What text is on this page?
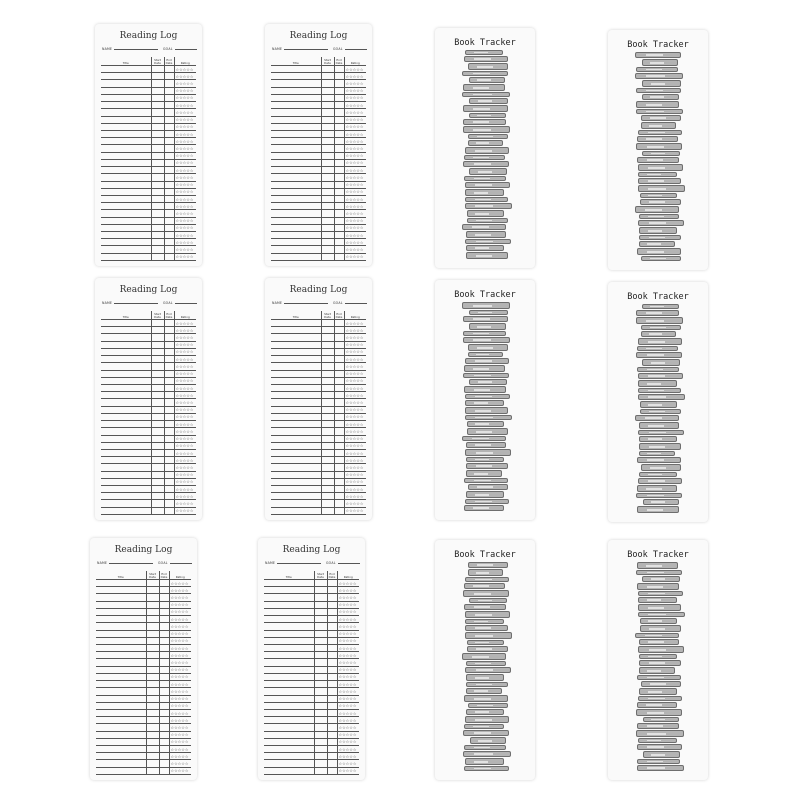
Reading Log
NAME	GOAL
Title	Start Date	End Date	Rating
			☆☆☆☆☆
			☆☆☆☆☆
			☆☆☆☆☆
			☆☆☆☆☆
			☆☆☆☆☆
			☆☆☆☆☆
			☆☆☆☆☆
			☆☆☆☆☆
			☆☆☆☆☆
			☆☆☆☆☆
			☆☆☆☆☆
			☆☆☆☆☆
			☆☆☆☆☆
			☆☆☆☆☆
			☆☆☆☆☆
			☆☆☆☆☆
			☆☆☆☆☆
			☆☆☆☆☆
			☆☆☆☆☆
			☆☆☆☆☆
			☆☆☆☆☆
			☆☆☆☆☆
			☆☆☆☆☆
			☆☆☆☆☆
			☆☆☆☆☆
			☆☆☆☆☆
			☆☆☆☆☆
Reading Log
NAME	GOAL
Title	Start Date	End Date	Rating
			☆☆☆☆☆
			☆☆☆☆☆
			☆☆☆☆☆
			☆☆☆☆☆
			☆☆☆☆☆
			☆☆☆☆☆
			☆☆☆☆☆
			☆☆☆☆☆
			☆☆☆☆☆
			☆☆☆☆☆
			☆☆☆☆☆
			☆☆☆☆☆
			☆☆☆☆☆
			☆☆☆☆☆
			☆☆☆☆☆
			☆☆☆☆☆
			☆☆☆☆☆
			☆☆☆☆☆
			☆☆☆☆☆
			☆☆☆☆☆
			☆☆☆☆☆
			☆☆☆☆☆
			☆☆☆☆☆
			☆☆☆☆☆
			☆☆☆☆☆
			☆☆☆☆☆
			☆☆☆☆☆
Reading Log
NAME	GOAL
Title	Start Date	End Date	Rating
			☆☆☆☆☆
			☆☆☆☆☆
			☆☆☆☆☆
			☆☆☆☆☆
			☆☆☆☆☆
			☆☆☆☆☆
			☆☆☆☆☆
			☆☆☆☆☆
			☆☆☆☆☆
			☆☆☆☆☆
			☆☆☆☆☆
			☆☆☆☆☆
			☆☆☆☆☆
			☆☆☆☆☆
			☆☆☆☆☆
			☆☆☆☆☆
			☆☆☆☆☆
			☆☆☆☆☆
			☆☆☆☆☆
			☆☆☆☆☆
			☆☆☆☆☆
			☆☆☆☆☆
			☆☆☆☆☆
			☆☆☆☆☆
			☆☆☆☆☆
			☆☆☆☆☆
			☆☆☆☆☆
Reading Log
NAME	GOAL
Title	Start Date	End Date	Rating
			☆☆☆☆☆
			☆☆☆☆☆
			☆☆☆☆☆
			☆☆☆☆☆
			☆☆☆☆☆
			☆☆☆☆☆
			☆☆☆☆☆
			☆☆☆☆☆
			☆☆☆☆☆
			☆☆☆☆☆
			☆☆☆☆☆
			☆☆☆☆☆
			☆☆☆☆☆
			☆☆☆☆☆
			☆☆☆☆☆
			☆☆☆☆☆
			☆☆☆☆☆
			☆☆☆☆☆
			☆☆☆☆☆
			☆☆☆☆☆
			☆☆☆☆☆
			☆☆☆☆☆
			☆☆☆☆☆
			☆☆☆☆☆
			☆☆☆☆☆
			☆☆☆☆☆
			☆☆☆☆☆
Reading Log
NAME	GOAL
Title	Start Date	End Date	Rating
			☆☆☆☆☆
			☆☆☆☆☆
			☆☆☆☆☆
			☆☆☆☆☆
			☆☆☆☆☆
			☆☆☆☆☆
			☆☆☆☆☆
			☆☆☆☆☆
			☆☆☆☆☆
			☆☆☆☆☆
			☆☆☆☆☆
			☆☆☆☆☆
			☆☆☆☆☆
			☆☆☆☆☆
			☆☆☆☆☆
			☆☆☆☆☆
			☆☆☆☆☆
			☆☆☆☆☆
			☆☆☆☆☆
			☆☆☆☆☆
			☆☆☆☆☆
			☆☆☆☆☆
			☆☆☆☆☆
			☆☆☆☆☆
			☆☆☆☆☆
			☆☆☆☆☆
			☆☆☆☆☆
Reading Log
NAME	GOAL
Title	Start Date	End Date	Rating
			☆☆☆☆☆
			☆☆☆☆☆
			☆☆☆☆☆
			☆☆☆☆☆
			☆☆☆☆☆
			☆☆☆☆☆
			☆☆☆☆☆
			☆☆☆☆☆
			☆☆☆☆☆
			☆☆☆☆☆
			☆☆☆☆☆
			☆☆☆☆☆
			☆☆☆☆☆
			☆☆☆☆☆
			☆☆☆☆☆
			☆☆☆☆☆
			☆☆☆☆☆
			☆☆☆☆☆
			☆☆☆☆☆
			☆☆☆☆☆
			☆☆☆☆☆
			☆☆☆☆☆
			☆☆☆☆☆
			☆☆☆☆☆
			☆☆☆☆☆
			☆☆☆☆☆
			☆☆☆☆☆
Book Tracker	Book Tracker
Book Tracker	Book Tracker
Book Tracker	Book Tracker
